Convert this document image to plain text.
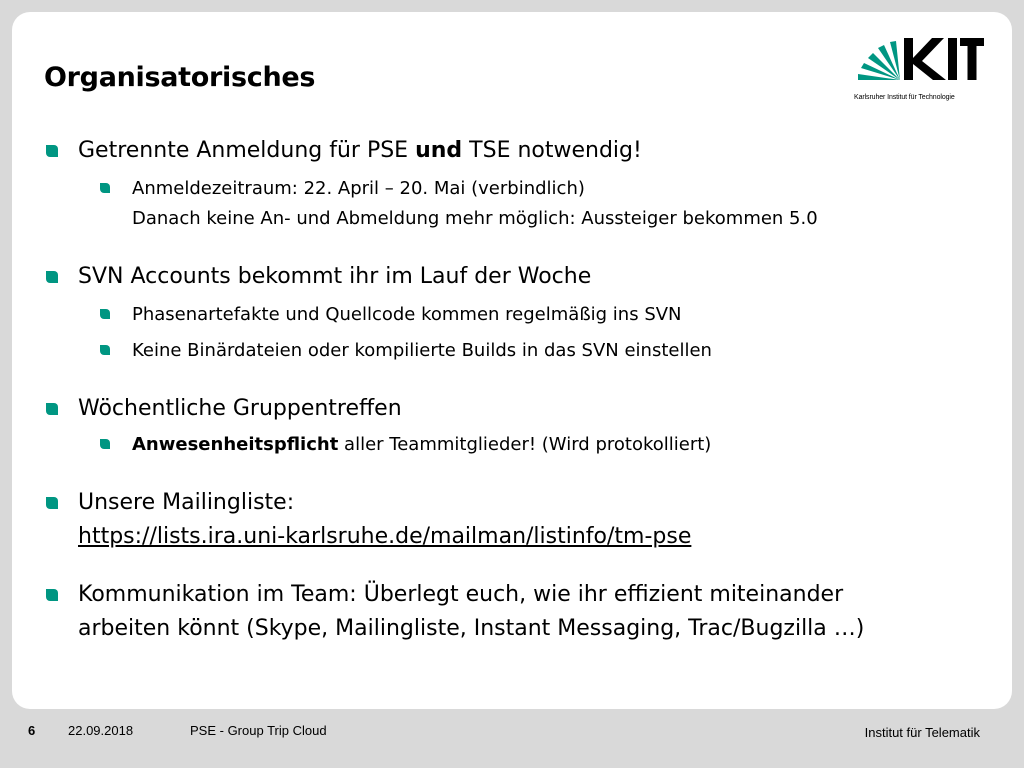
Organisatorisches
Karlsruher Institut für Technologie
Getrennte Anmeldung für PSE und TSE notwendig!
Anmeldezeitraum: 22. April – 20. Mai (verbindlich)
Danach keine An- und Abmeldung mehr möglich: Aussteiger bekommen 5.0
SVN Accounts bekommt ihr im Lauf der Woche
Phasenartefakte und Quellcode kommen regelmäßig ins SVN
Keine Binärdateien oder kompilierte Builds in das SVN einstellen
Wöchentliche Gruppentreffen
Anwesenheitspflicht aller Teammitglieder! (Wird protokolliert)
Unsere Mailingliste:
https://lists.ira.uni-karlsruhe.de/mailman/listinfo/tm-pse
Kommunikation im Team: Überlegt euch, wie ihr effizient miteinander
arbeiten könnt (Skype, Mailingliste, Instant Messaging, Trac/Bugzilla …)
6	22.09.2018	PSE - Group Trip Cloud	Institut für Telematik
